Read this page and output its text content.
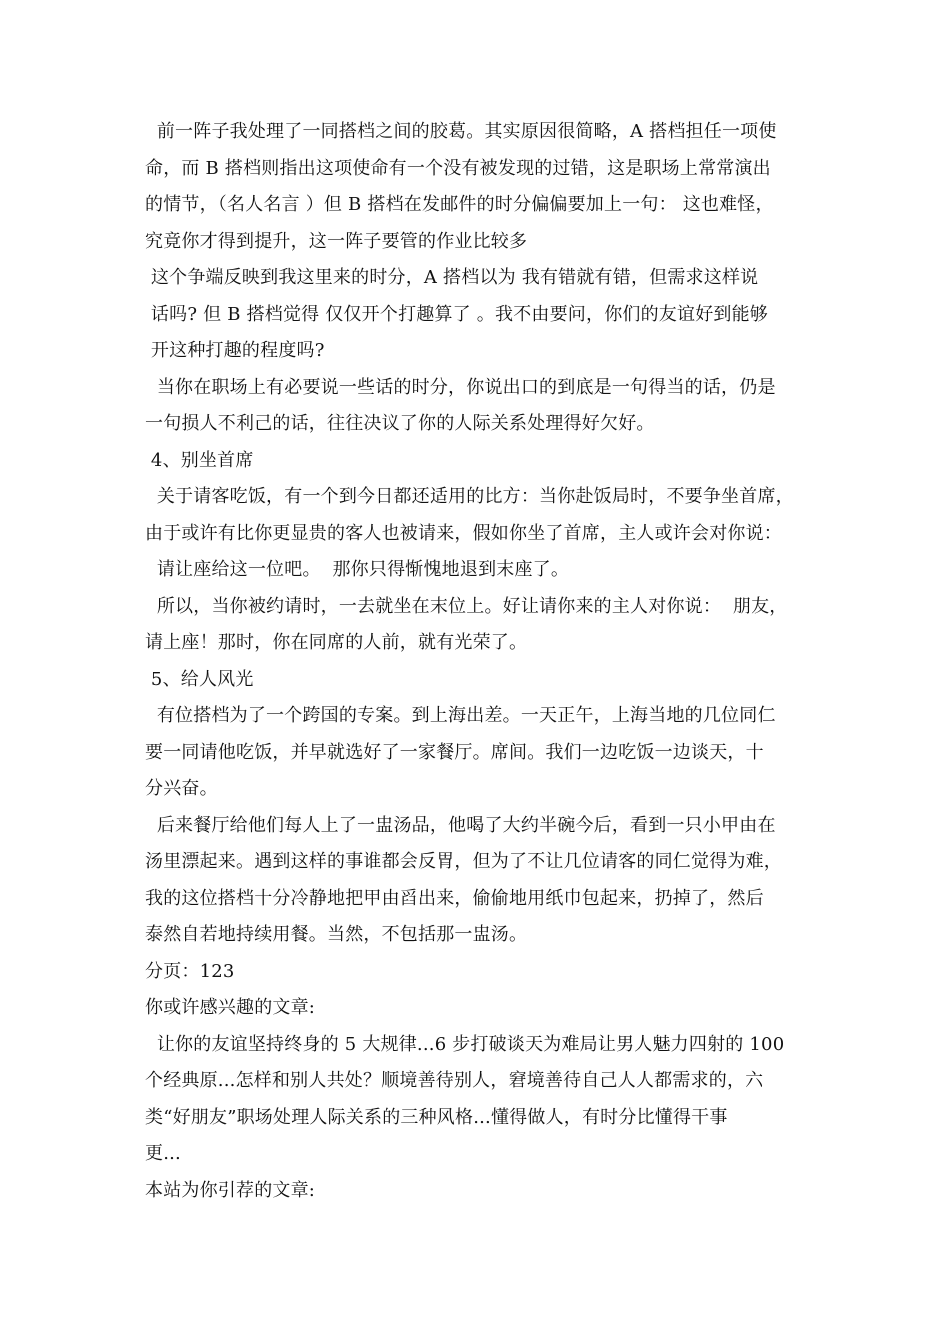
前一阵子我处理了一同搭档之间的胶葛。其实原因很简略，A 搭档担任一项使
命，而 B 搭档则指出这项使命有一个没有被发现的过错，这是职场上常常演出
的情节，（名人名言 ）但 B 搭档在发邮件的时分偏偏要加上一句： 这也难怪，
究竟你才得到提升，这一阵子要管的作业比较多
这个争端反映到我这里来的时分，A 搭档以为 我有错就有错，但需求这样说
话吗? 但 B 搭档觉得 仅仅开个打趣算了 。我不由要问，你们的友谊好到能够
开这种打趣的程度吗?
当你在职场上有必要说一些话的时分，你说出口的到底是一句得当的话，仍是
一句损人不利己的话，往往决议了你的人际关系处理得好欠好。
4、别坐首席
关于请客吃饭，有一个到今日都还适用的比方：当你赴饭局时，不要争坐首席，
由于或许有比你更显贵的客人也被请来，假如你坐了首席，主人或许会对你说：
请让座给这一位吧。  那你只得惭愧地退到末座了。
所以，当你被约请时，一去就坐在末位上。好让请你来的主人对你说：  朋友，
请上座！那时，你在同席的人前，就有光荣了。
5、给人风光
有位搭档为了一个跨国的专案。到上海出差。一天正午，上海当地的几位同仁
要一同请他吃饭，并早就选好了一家餐厅。席间。我们一边吃饭一边谈天，十
分兴奋。
后来餐厅给他们每人上了一盅汤品，他喝了大约半碗今后，看到一只小甲由在
汤里漂起来。遇到这样的事谁都会反胃，但为了不让几位请客的同仁觉得为难，
我的这位搭档十分冷静地把甲由舀出来，偷偷地用纸巾包起来，扔掉了，然后
泰然自若地持续用餐。当然，不包括那一盅汤。
分页：123
你或许感兴趣的文章:
让你的友谊坚持终身的 5 大规律...6 步打破谈天为难局让男人魅力四射的 100
个经典原...怎样和别人共处？顺境善待别人，窘境善待自己人人都需求的，六
类“好朋友”职场处理人际关系的三种风格...懂得做人，有时分比懂得干事
更...
本站为你引荐的文章:
